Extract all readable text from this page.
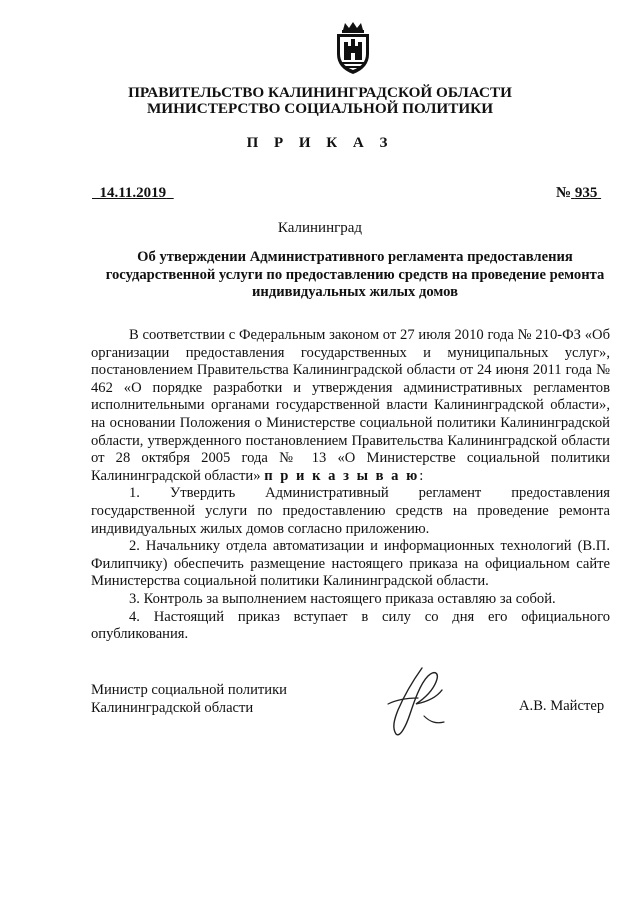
ПРАВИТЕЛЬСТВО КАЛИНИНГРАДСКОЙ ОБЛАСТИ
МИНИСТЕРСТВО СОЦИАЛЬНОЙ ПОЛИТИКИ
П Р И К А З
14.11.2019	№ 935
Калининград
Об утверждении Административного регламента предоставления государственной услуги по предоставлению средств на проведение ремонта индивидуальных жилых домов

В соответствии с Федеральным законом от 27 июля 2010 года № 210-ФЗ «Об организации предоставления государственных и муниципальных услуг», постановлением Правительства Калининградской области от 24 июня 2011 года № 462 «О порядке разработки и утверждения административных регламентов исполнительными органами государственной власти Калининградской области», на основании Положения о Министерстве социальной политики Калининградской области, утвержденного постановлением Правительства Калининградской области от 28 октября 2005 года № 13 «О Министерстве социальной политики Калининградской области» п р и к а з ы в а ю:

1. Утвердить Административный регламент предоставления государственной услуги по предоставлению средств на проведение ремонта индивидуальных жилых домов согласно приложению.

2. Начальнику отдела автоматизации и информационных технологий (В.П. Филипчику) обеспечить размещение настоящего приказа на официальном сайте Министерства социальной политики Калининградской области.

3. Контроль за выполнением настоящего приказа оставляю за собой.

4. Настоящий приказ вступает в силу со дня его официального опубликования.

Министр социальной политики
Калининградской области	А.В. Майстер
